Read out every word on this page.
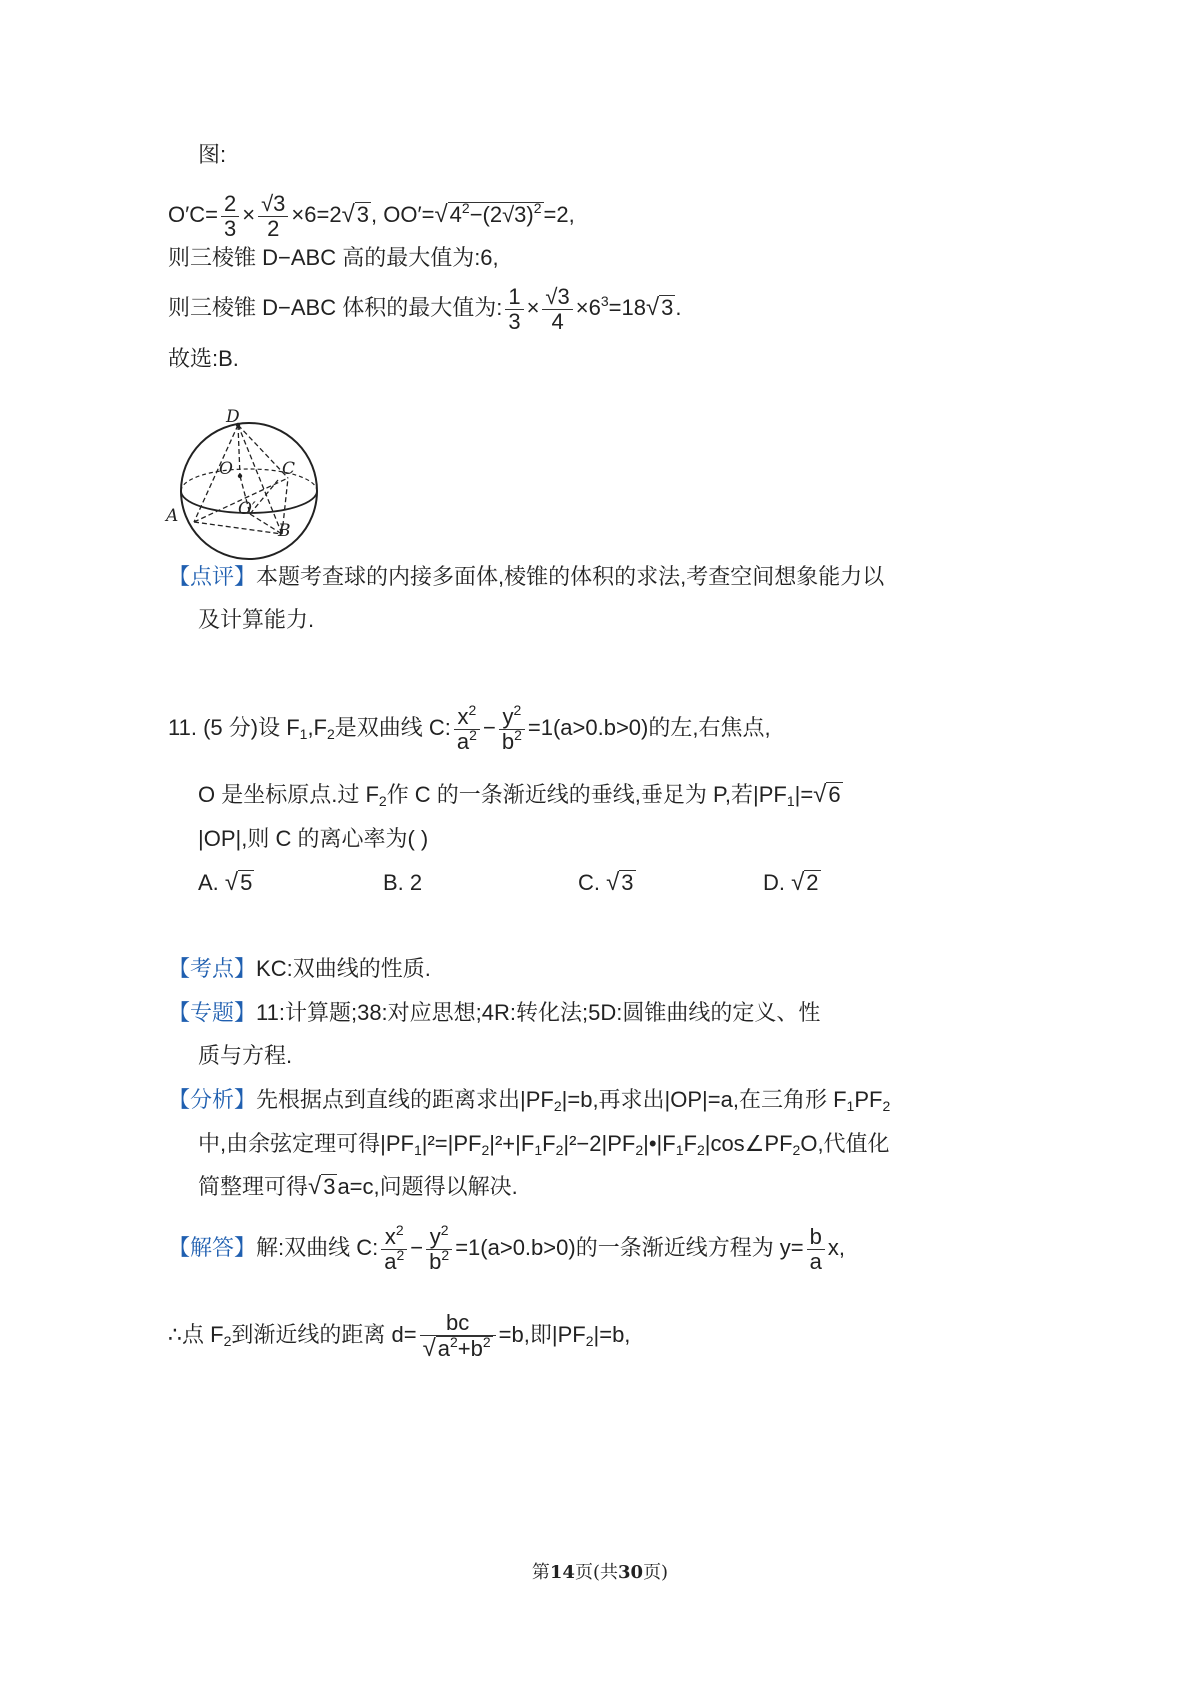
图:
$O'C= \frac{2}{3} \times \frac{√3}{2} \times 6=2√3$, $OO'=√4^2-(2√3)^2=2$,
则三棱锥 D−ABC 高的最大值为:6,
则三棱锥 D−ABC 体积的最大值为: $\frac{1}{3} \times \frac{√3}{4} \times 6^3=18√3$.
故选:B.
D
O	C
A	O′
B
【点评】本题考查球的内接多面体,棱锥的体积的求法,考查空间想象能力以
及计算能力.
11. (5 分)设 $F_1,F_2$是双曲线 C: $\frac{x^2}{a^2} - \frac{y^2}{b^2} =1(a>0.b>0)$的左,右焦点,
O 是坐标原点.过 $F_2$作 C 的一条渐近线的垂线,垂足为 P,若$|PF_1|=√6$
|OP|,则 C 的离心率为( )
A. √5	B. 2	C. √3	D. √2
【考点】KC:双曲线的性质.
【专题】11:计算题;38:对应思想;4R:转化法;5D:圆锥曲线的定义、性
质与方程.
【分析】先根据点到直线的距离求出$|PF_2|=b$,再求出|OP|=a,在三角形 $F_1PF_2$
中,由余弦定理可得$|PF_1|^2=|PF_2|^2+|F_1F_2|^2-2|PF_2|•|F_1F_2|\cos\angle PF_2O$,代值化
简整理可得√3a=c,问题得以解决.
【解答】解:双曲线 C: $\frac{x^2}{a^2} - \frac{y^2}{b^2} =1(a>0.b>0)$的一条渐近线方程为 $y= \frac{b}{a} x$,
∴点 $F_2$到渐近线的距离 $d= \frac{bc}{√a^2+b^2} =b$,即$|PF_2|=b$,
第14页(共30页)
